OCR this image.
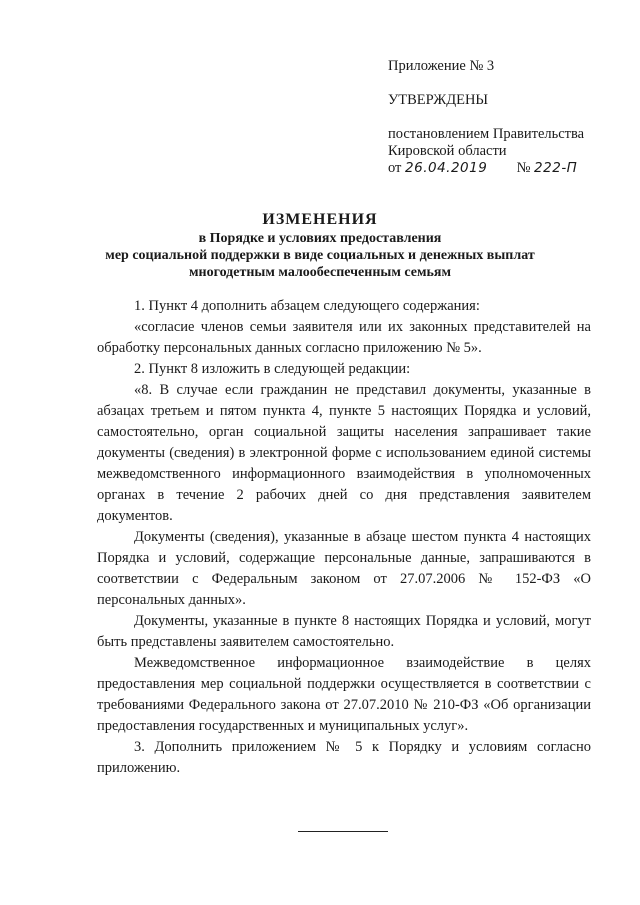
Приложение № 3
УТВЕРЖДЕНЫ
постановлением Правительства
Кировской области
от 26.04.2019 № 222-П
ИЗМЕНЕНИЯ
в Порядке и условиях предоставления
мер социальной поддержки в виде социальных и денежных выплат
многодетным малообеспеченным семьям

1. Пункт 4 дополнить абзацем следующего содержания:

«согласие членов семьи заявителя или их законных представителей на обработку персональных данных согласно приложению № 5».

2. Пункт 8 изложить в следующей редакции:

«8. В случае если гражданин не представил документы, указанные в абзацах третьем и пятом пункта 4, пункте 5 настоящих Порядка и условий, самостоятельно, орган социальной защиты населения запрашивает такие документы (сведения) в электронной форме с использованием единой системы межведомственного информационного взаимодействия в уполномоченных органах в течение 2 рабочих дней со дня представления заявителем документов.

Документы (сведения), указанные в абзаце шестом пункта 4 настоящих Порядка и условий, содержащие персональные данные, запрашиваются в соответствии с Федеральным законом от 27.07.2006 № 152-ФЗ «О персональных данных».

Документы, указанные в пункте 8 настоящих Порядка и условий, могут быть представлены заявителем самостоятельно.

Межведомственное информационное взаимодействие в целях предоставления мер социальной поддержки осуществляется в соответствии с требованиями Федерального закона от 27.07.2010 № 210-ФЗ «Об организации предоставления государственных и муниципальных услуг».

3. Дополнить приложением № 5 к Порядку и условиям согласно приложению.
